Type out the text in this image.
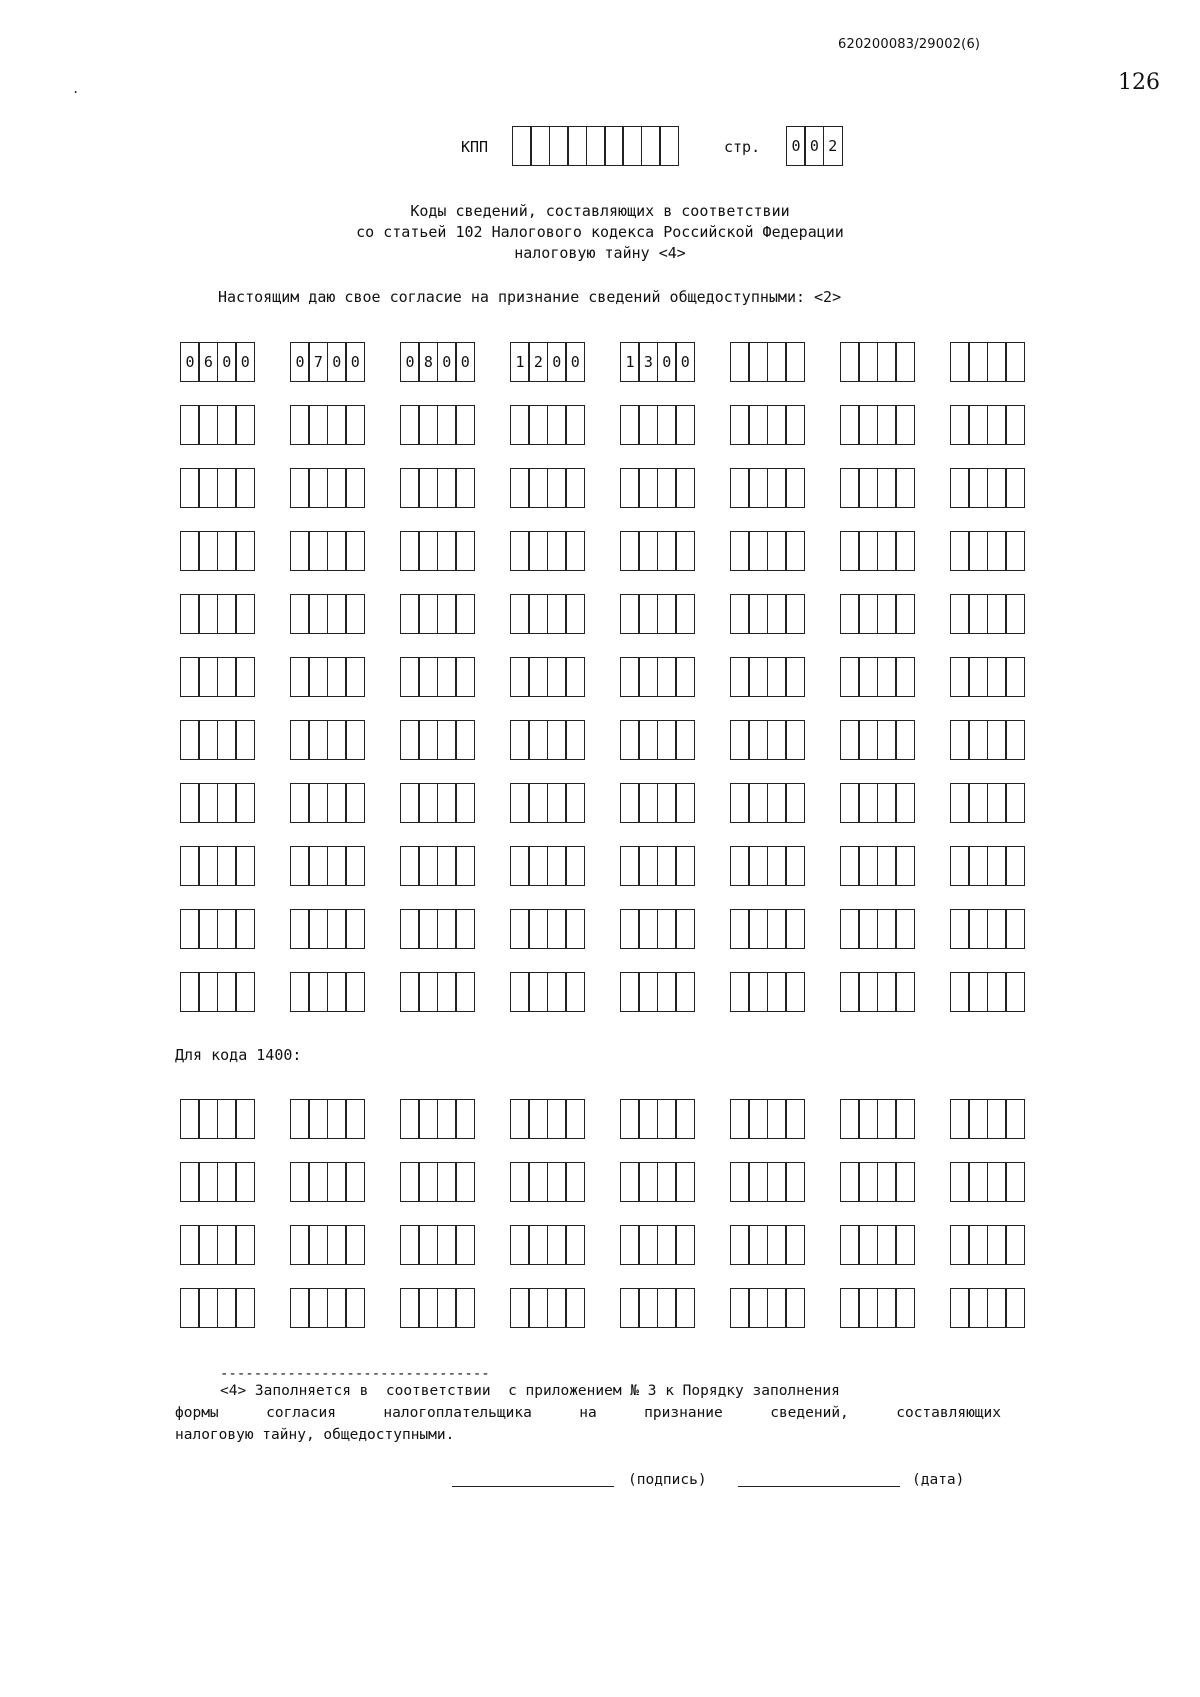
620200083/29002(6)
126
.
КПП	стр.	0 0 2
Коды сведений, составляющих в соответствии
со статьей 102 Налогового кодекса Российской Федерации
налоговую тайну <4>
Настоящим даю свое согласие на признание сведений общедоступными: <2>
0 6 0 0	0 7 0 0	0 8 0 0	1 2 0 0	1 3 0 0
Для кода 1400:
--------------------------------
<4> Заполняется в  соответствии  с приложением № 3 к Порядку заполнения
формы согласия налогоплательщика на признание сведений, составляющих
налоговую тайну, общедоступными.
(подпись)	(дата)
